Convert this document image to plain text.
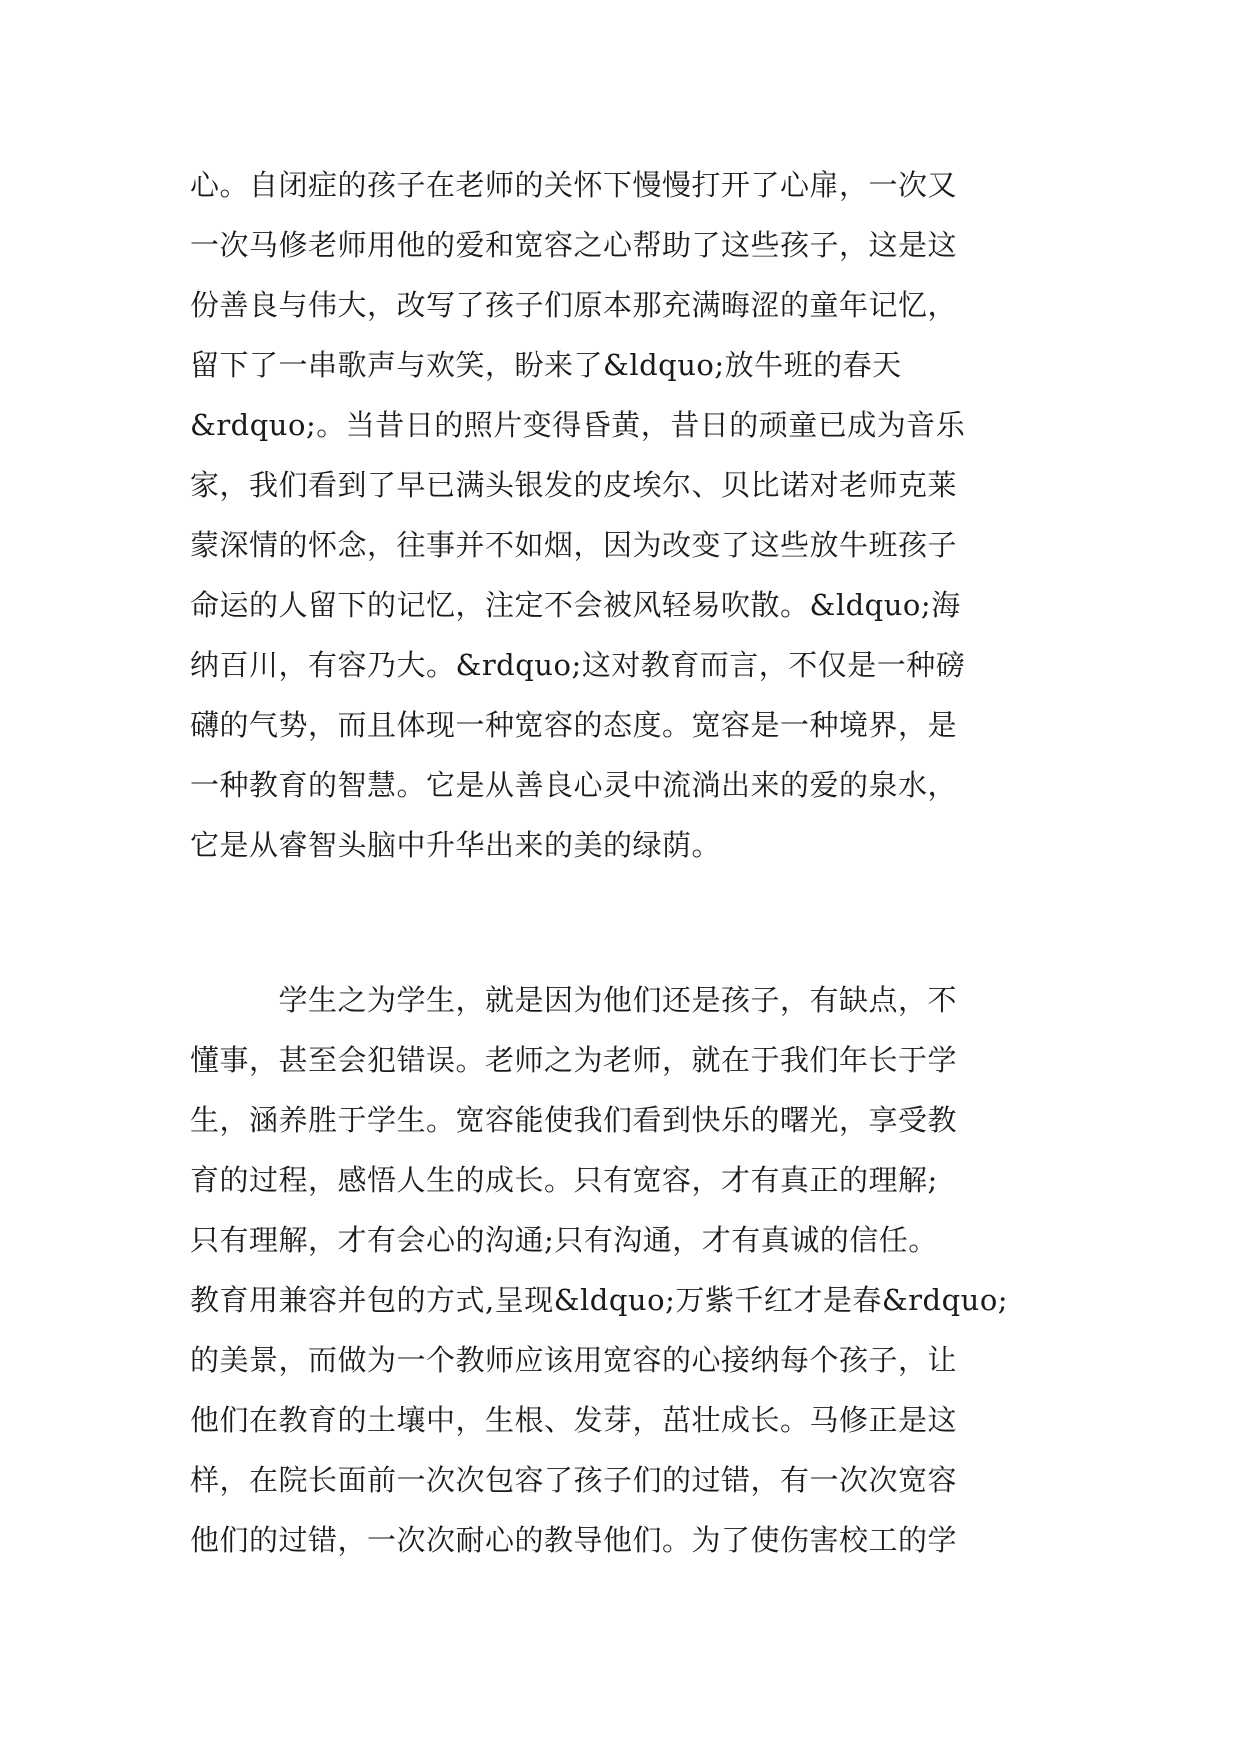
心。自闭症的孩子在老师的关怀下慢慢打开了心扉，一次又
一次马修老师用他的爱和宽容之心帮助了这些孩子，这是这
份善良与伟大，改写了孩子们原本那充满晦涩的童年记忆，
留下了一串歌声与欢笑，盼来了&ldquo;放牛班的春天
&rdquo;。当昔日的照片变得昏黄，昔日的顽童已成为音乐
家，我们看到了早已满头银发的皮埃尔、贝比诺对老师克莱
蒙深情的怀念，往事并不如烟，因为改变了这些放牛班孩子
命运的人留下的记忆，注定不会被风轻易吹散。&ldquo;海
纳百川，有容乃大。&rdquo;这对教育而言，不仅是一种磅
礴的气势，而且体现一种宽容的态度。宽容是一种境界，是
一种教育的智慧。它是从善良心灵中流淌出来的爱的泉水，
它是从睿智头脑中升华出来的美的绿荫。
　　　学生之为学生，就是因为他们还是孩子，有缺点，不
懂事，甚至会犯错误。老师之为老师，就在于我们年长于学
生，涵养胜于学生。宽容能使我们看到快乐的曙光，享受教
育的过程，感悟人生的成长。只有宽容，才有真正的理解;
只有理解，才有会心的沟通;只有沟通，才有真诚的信任。
教育用兼容并包的方式,呈现&ldquo;万紫千红才是春&rdquo;
的美景，而做为一个教师应该用宽容的心接纳每个孩子，让
他们在教育的土壤中，生根、发芽，茁壮成长。马修正是这
样，在院长面前一次次包容了孩子们的过错，有一次次宽容
他们的过错，一次次耐心的教导他们。为了使伤害校工的学
